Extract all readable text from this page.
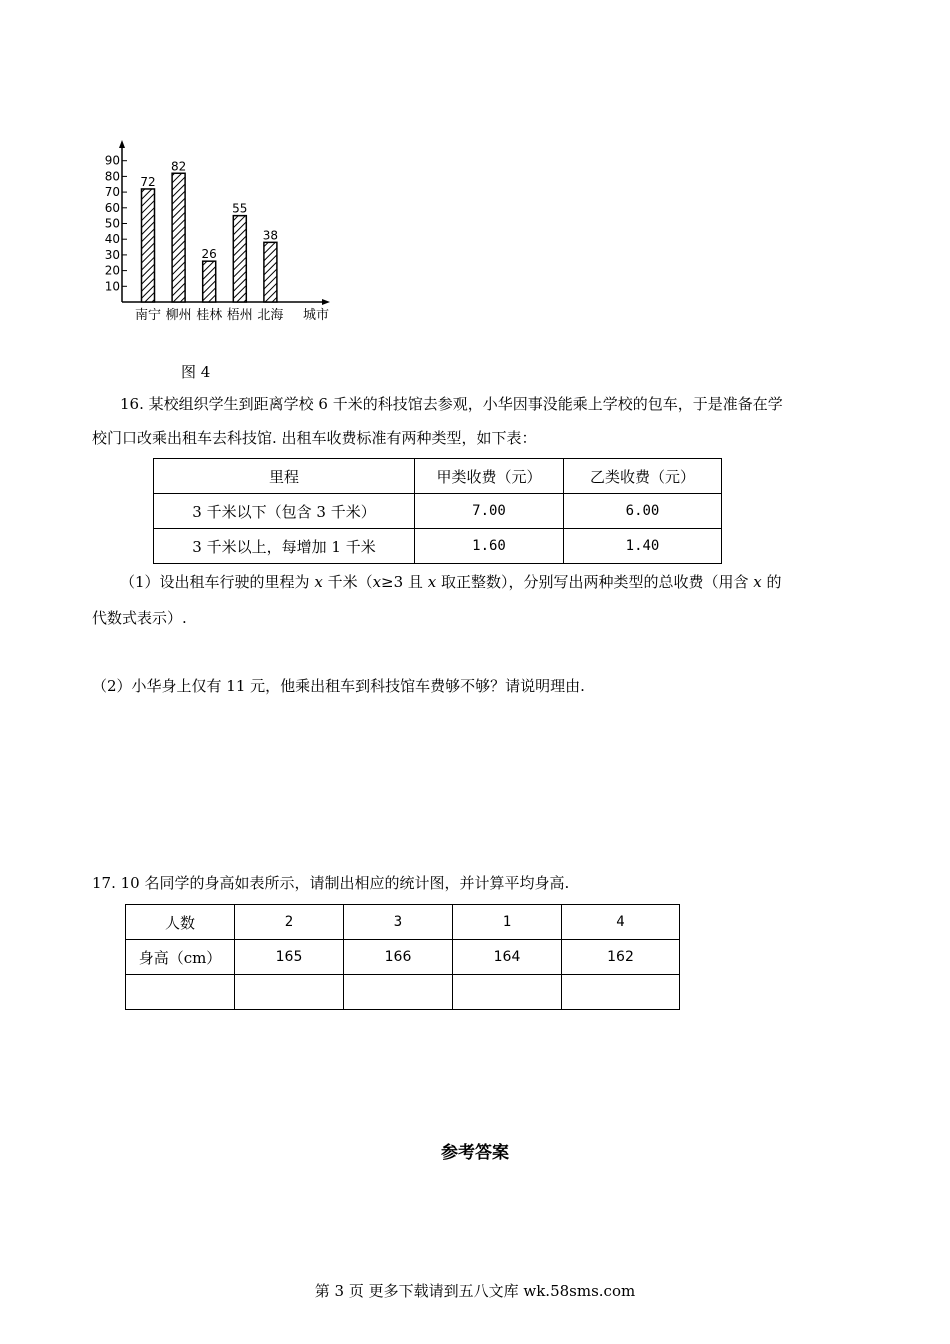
10
20
30
40
50
60
70
80
90
72
82
26
55
38
南宁 柳州 桂林 梧州 北海 城市
图 4
16. 某校组织学生到距离学校 6 千米的科技馆去参观，小华因事没能乘上学校的包车，于是准备在学
校门口改乘出租车去科技馆. 出租车收费标准有两种类型，如下表：
里程	甲类收费（元）	乙类收费（元）
3 千米以下（包含 3 千米）	7.00	6.00
3 千米以上，每增加 1 千米	1.60	1.40
（1）设出租车行驶的里程为 x 千米（x≥3 且 x 取正整数），分别写出两种类型的总收费（用含 x 的
代数式表示）.
（2）小华身上仅有 11 元，他乘出租车到科技馆车费够不够？请说明理由.
17. 10 名同学的身高如表所示，请制出相应的统计图，并计算平均身高.
人数	2	3	1	4
身高（cm）	165	166	164	162

参考答案
第 3 页 更多下载请到五八文库 wk.58sms.com
